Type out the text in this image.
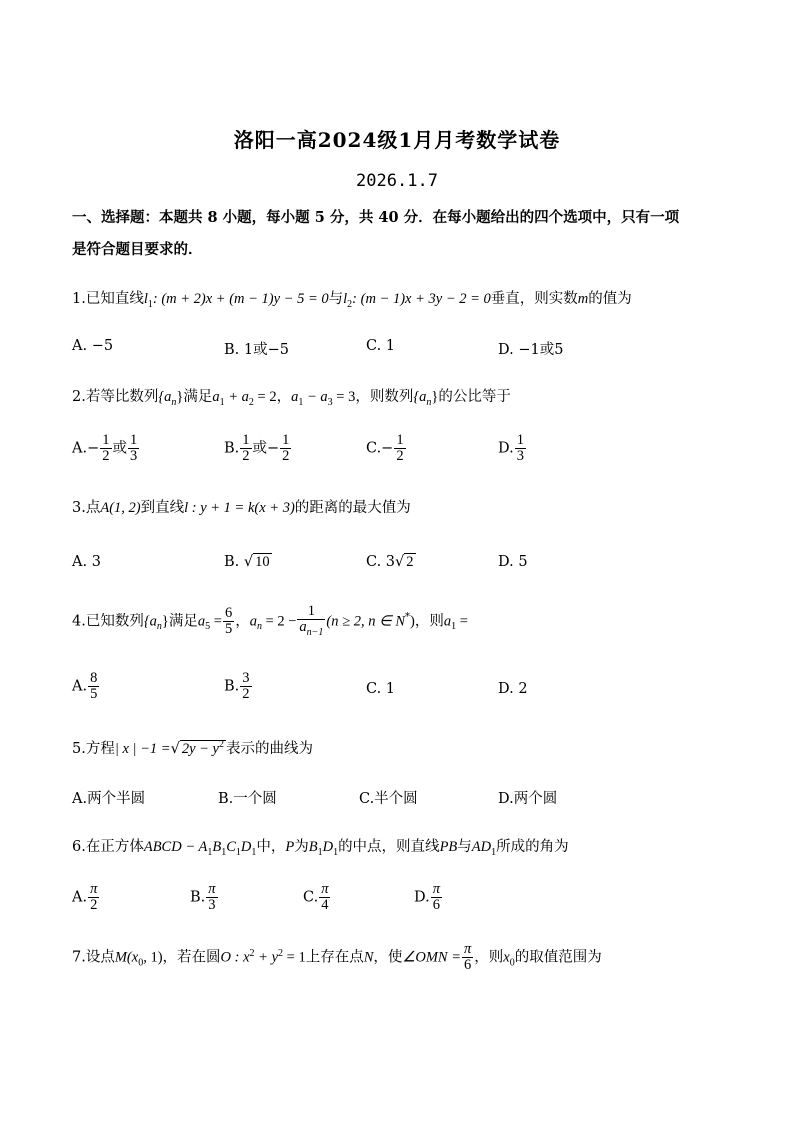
洛阳一高2024级1月月考数学试卷
2026.1.7
一、选择题：本题共 8 小题，每小题 5 分，共 40 分．在每小题给出的四个选项中，只有一项
是符合题目要求的．
1.已知直线$l_1$: (m + 2)x + (m − 1)y − 5 = 0与$l_2$: (m − 1)x + 3y − 2 = 0垂直，则实数m的值为
A. −5	B. 1或−5	C. 1	D. −1或5
2.若等比数列$\{a_n\}$满足$a_1 + a_2 = 2$，$a_1 - a_3 = 3$，则数列$\{a_n\}$的公比等于
$A.- \frac{1}{2}$ 或 $\frac{1}{3}$	B. $\frac{1}{2}$ 或− $\frac{1}{2}$	$C.- \frac{1}{2}$	D. $\frac{1}{3}$
3.点A(1, 2)到直线l : y + 1 = k(x + 3)的距离的最大值为
A. 3	B. √ 10	C. 3√ 2	D. 5
4.已知数列$\{a_n\}$满足$a_5 = \frac{6}{5}$ ，$a_n = 2 - \frac{1}{a_{n-1}} (n \ge 2$, n ∈ N*)，则$a_1$ =
A. $\frac{8}{5}$	B. $\frac{3}{2}$	C. 1	D. 2
5.方程| x | −1 =√ $2y - y^2$ 表示的曲线为
A.两个半圆	B.一个圆	C.半个圆	D.两个圆
6.在正方体ABCD − $A_1B_1C_1D_1$中，P为$B_1D_1$的中点，则直线PB与$AD_1$所成的角为
A. $\frac{\pi}{2}$	B. $\frac{\pi}{3}$	C. $\frac{\pi}{4}$	D. $\frac{\pi}{6}$
7.设点$M(x_0$, 1)，若在圆O : $x^2 + y^2 = 1$上存在点N，使∠OMN = $\frac{\pi}{6}$ ，则$x_0$的取值范围为
